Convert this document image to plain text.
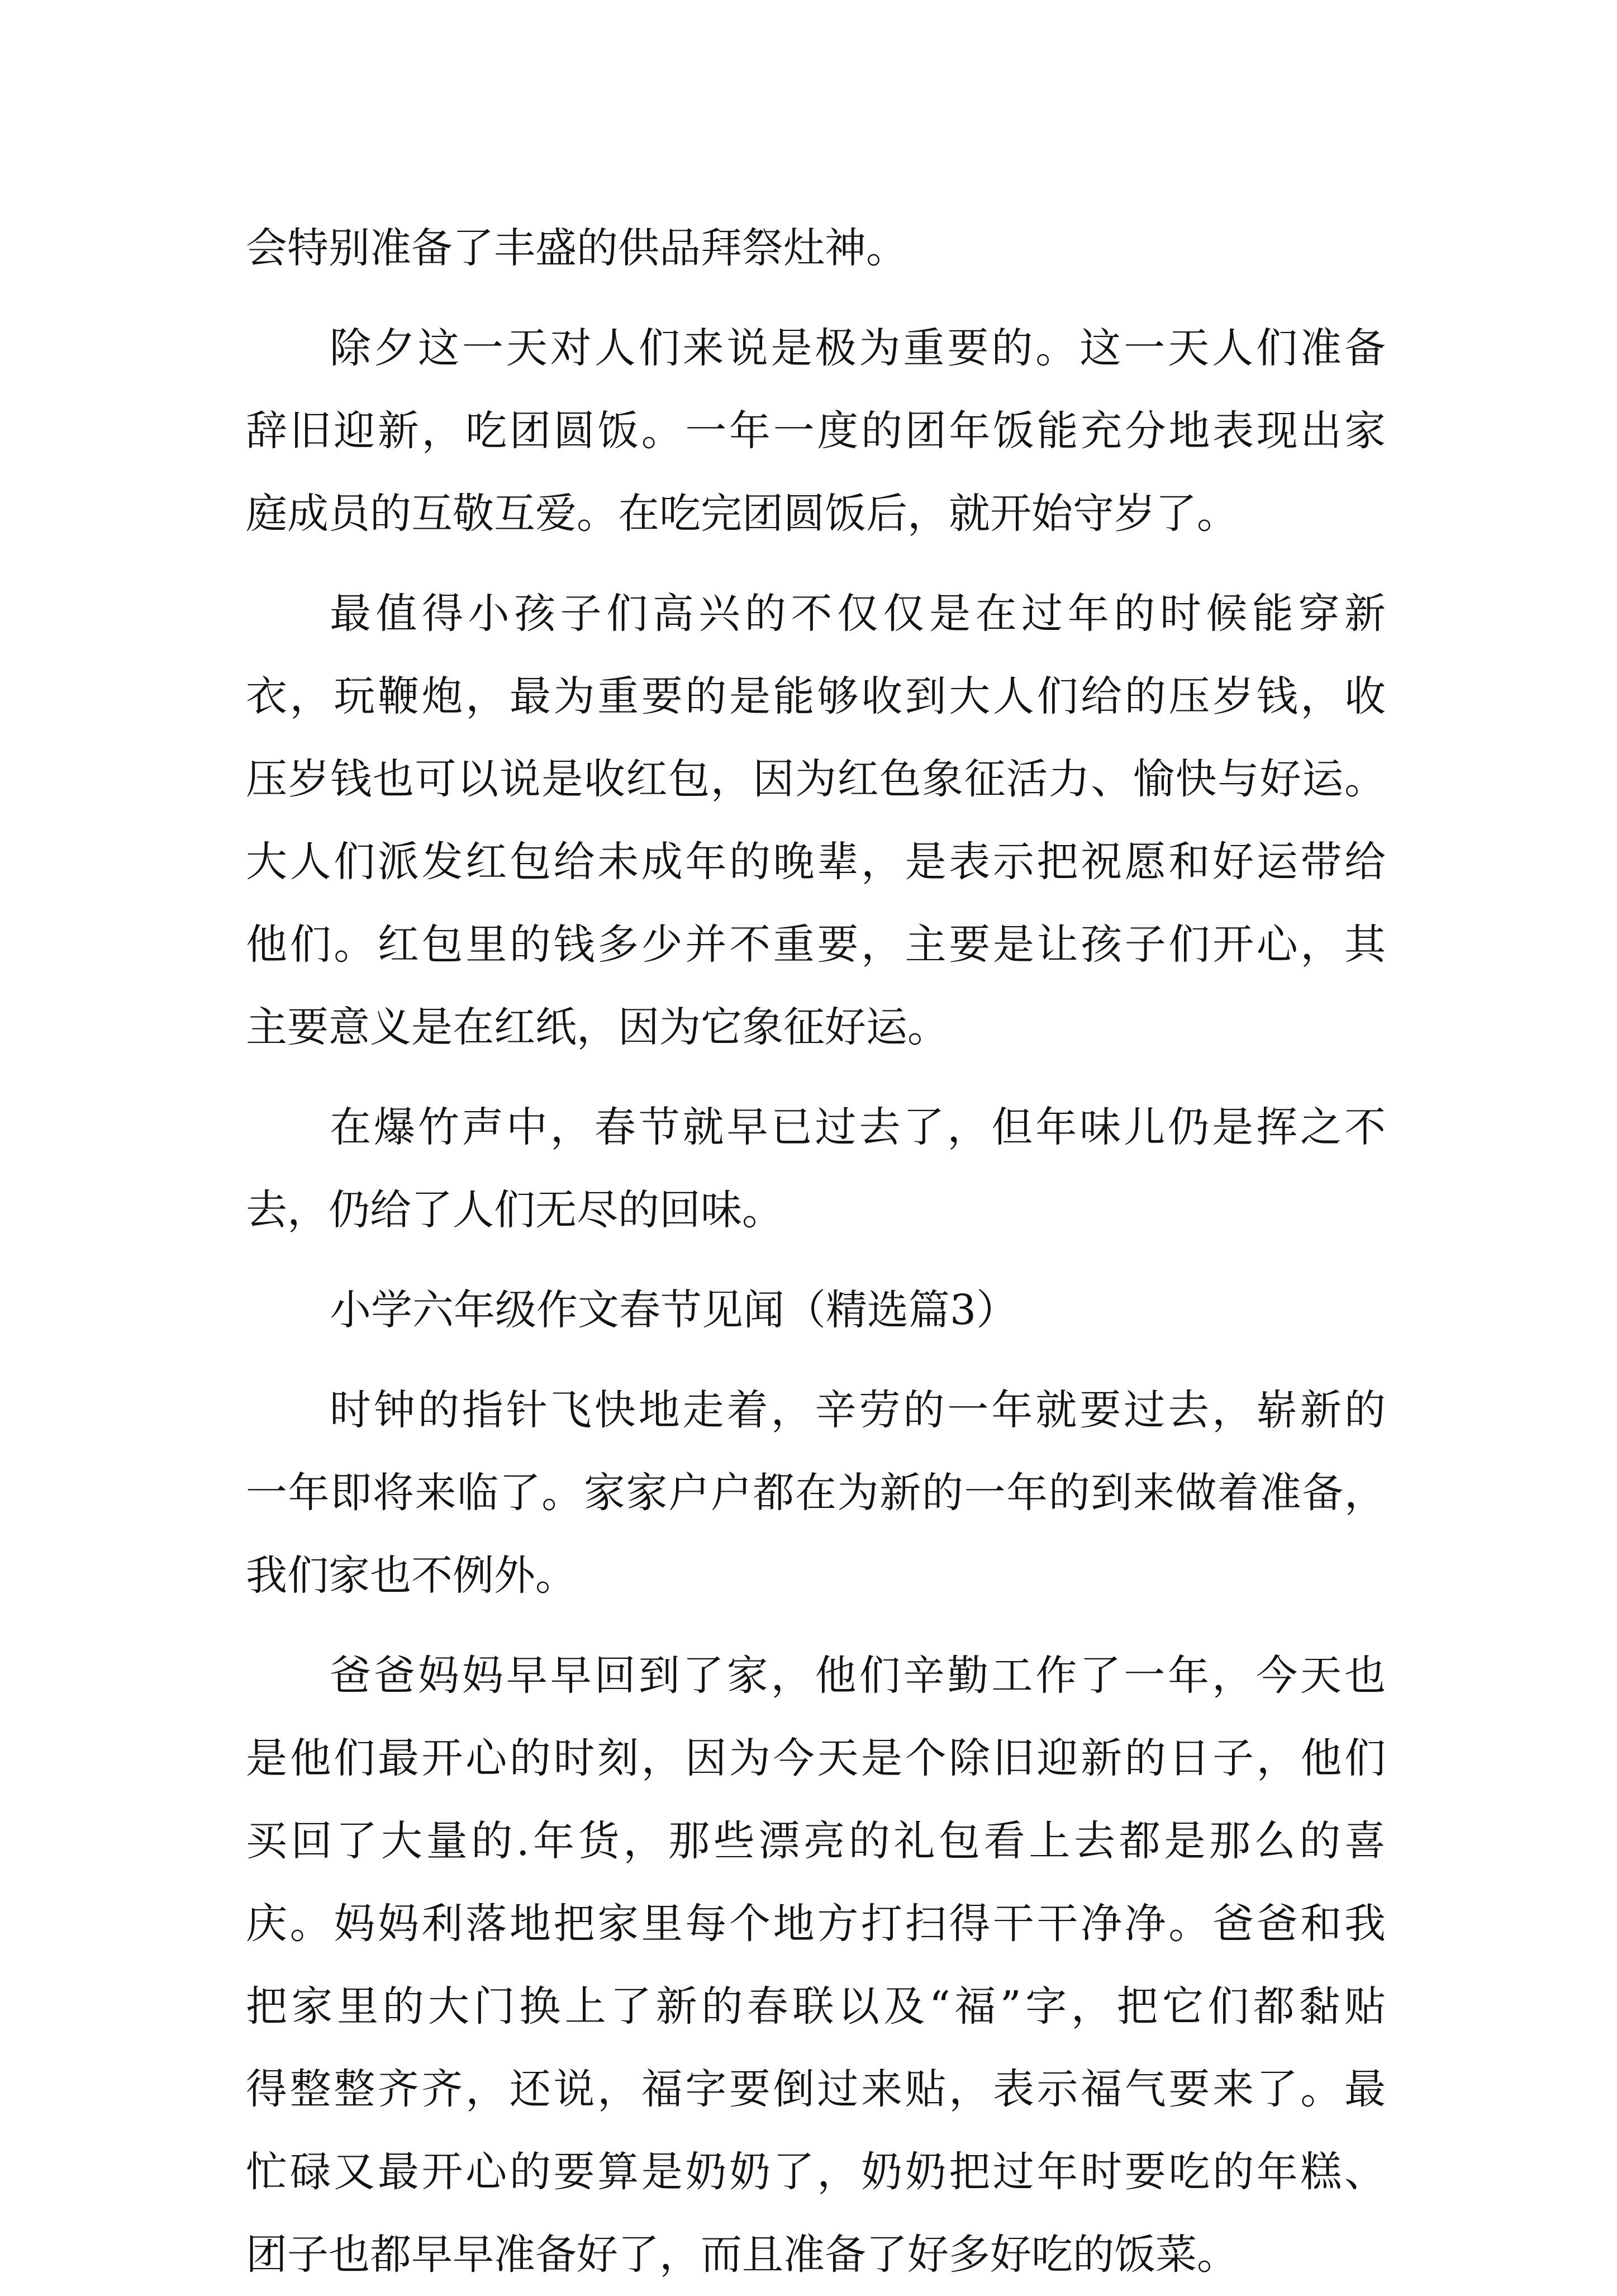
会特别准备了丰盛的供品拜祭灶神。
除夕这一天对人们来说是极为重要的。这一天人们准备
辞旧迎新，吃团圆饭。一年一度的团年饭能充分地表现出家
庭成员的互敬互爱。在吃完团圆饭后，就开始守岁了。
最值得小孩子们高兴的不仅仅是在过年的时候能穿新
衣，玩鞭炮，最为重要的是能够收到大人们给的压岁钱，收
压岁钱也可以说是收红包，因为红色象征活力、愉快与好运。
大人们派发红包给未成年的晚辈，是表示把祝愿和好运带给
他们。红包里的钱多少并不重要，主要是让孩子们开心，其
主要意义是在红纸，因为它象征好运。
在爆竹声中，春节就早已过去了，但年味儿仍是挥之不
去，仍给了人们无尽的回味。
小学六年级作文春节见闻（精选篇3）
时钟的指针飞快地走着，辛劳的一年就要过去，崭新的
一年即将来临了。家家户户都在为新的一年的到来做着准备，
我们家也不例外。
爸爸妈妈早早回到了家，他们辛勤工作了一年，今天也
是他们最开心的时刻，因为今天是个除旧迎新的日子，他们
买回了大量的.年货，那些漂亮的礼包看上去都是那么的喜
庆。妈妈利落地把家里每个地方打扫得干干净净。爸爸和我
把家里的大门换上了新的春联以及“福”字，把它们都黏贴
得整整齐齐，还说，福字要倒过来贴，表示福气要来了。最
忙碌又最开心的要算是奶奶了，奶奶把过年时要吃的年糕、
团子也都早早准备好了，而且准备了好多好吃的饭菜。
